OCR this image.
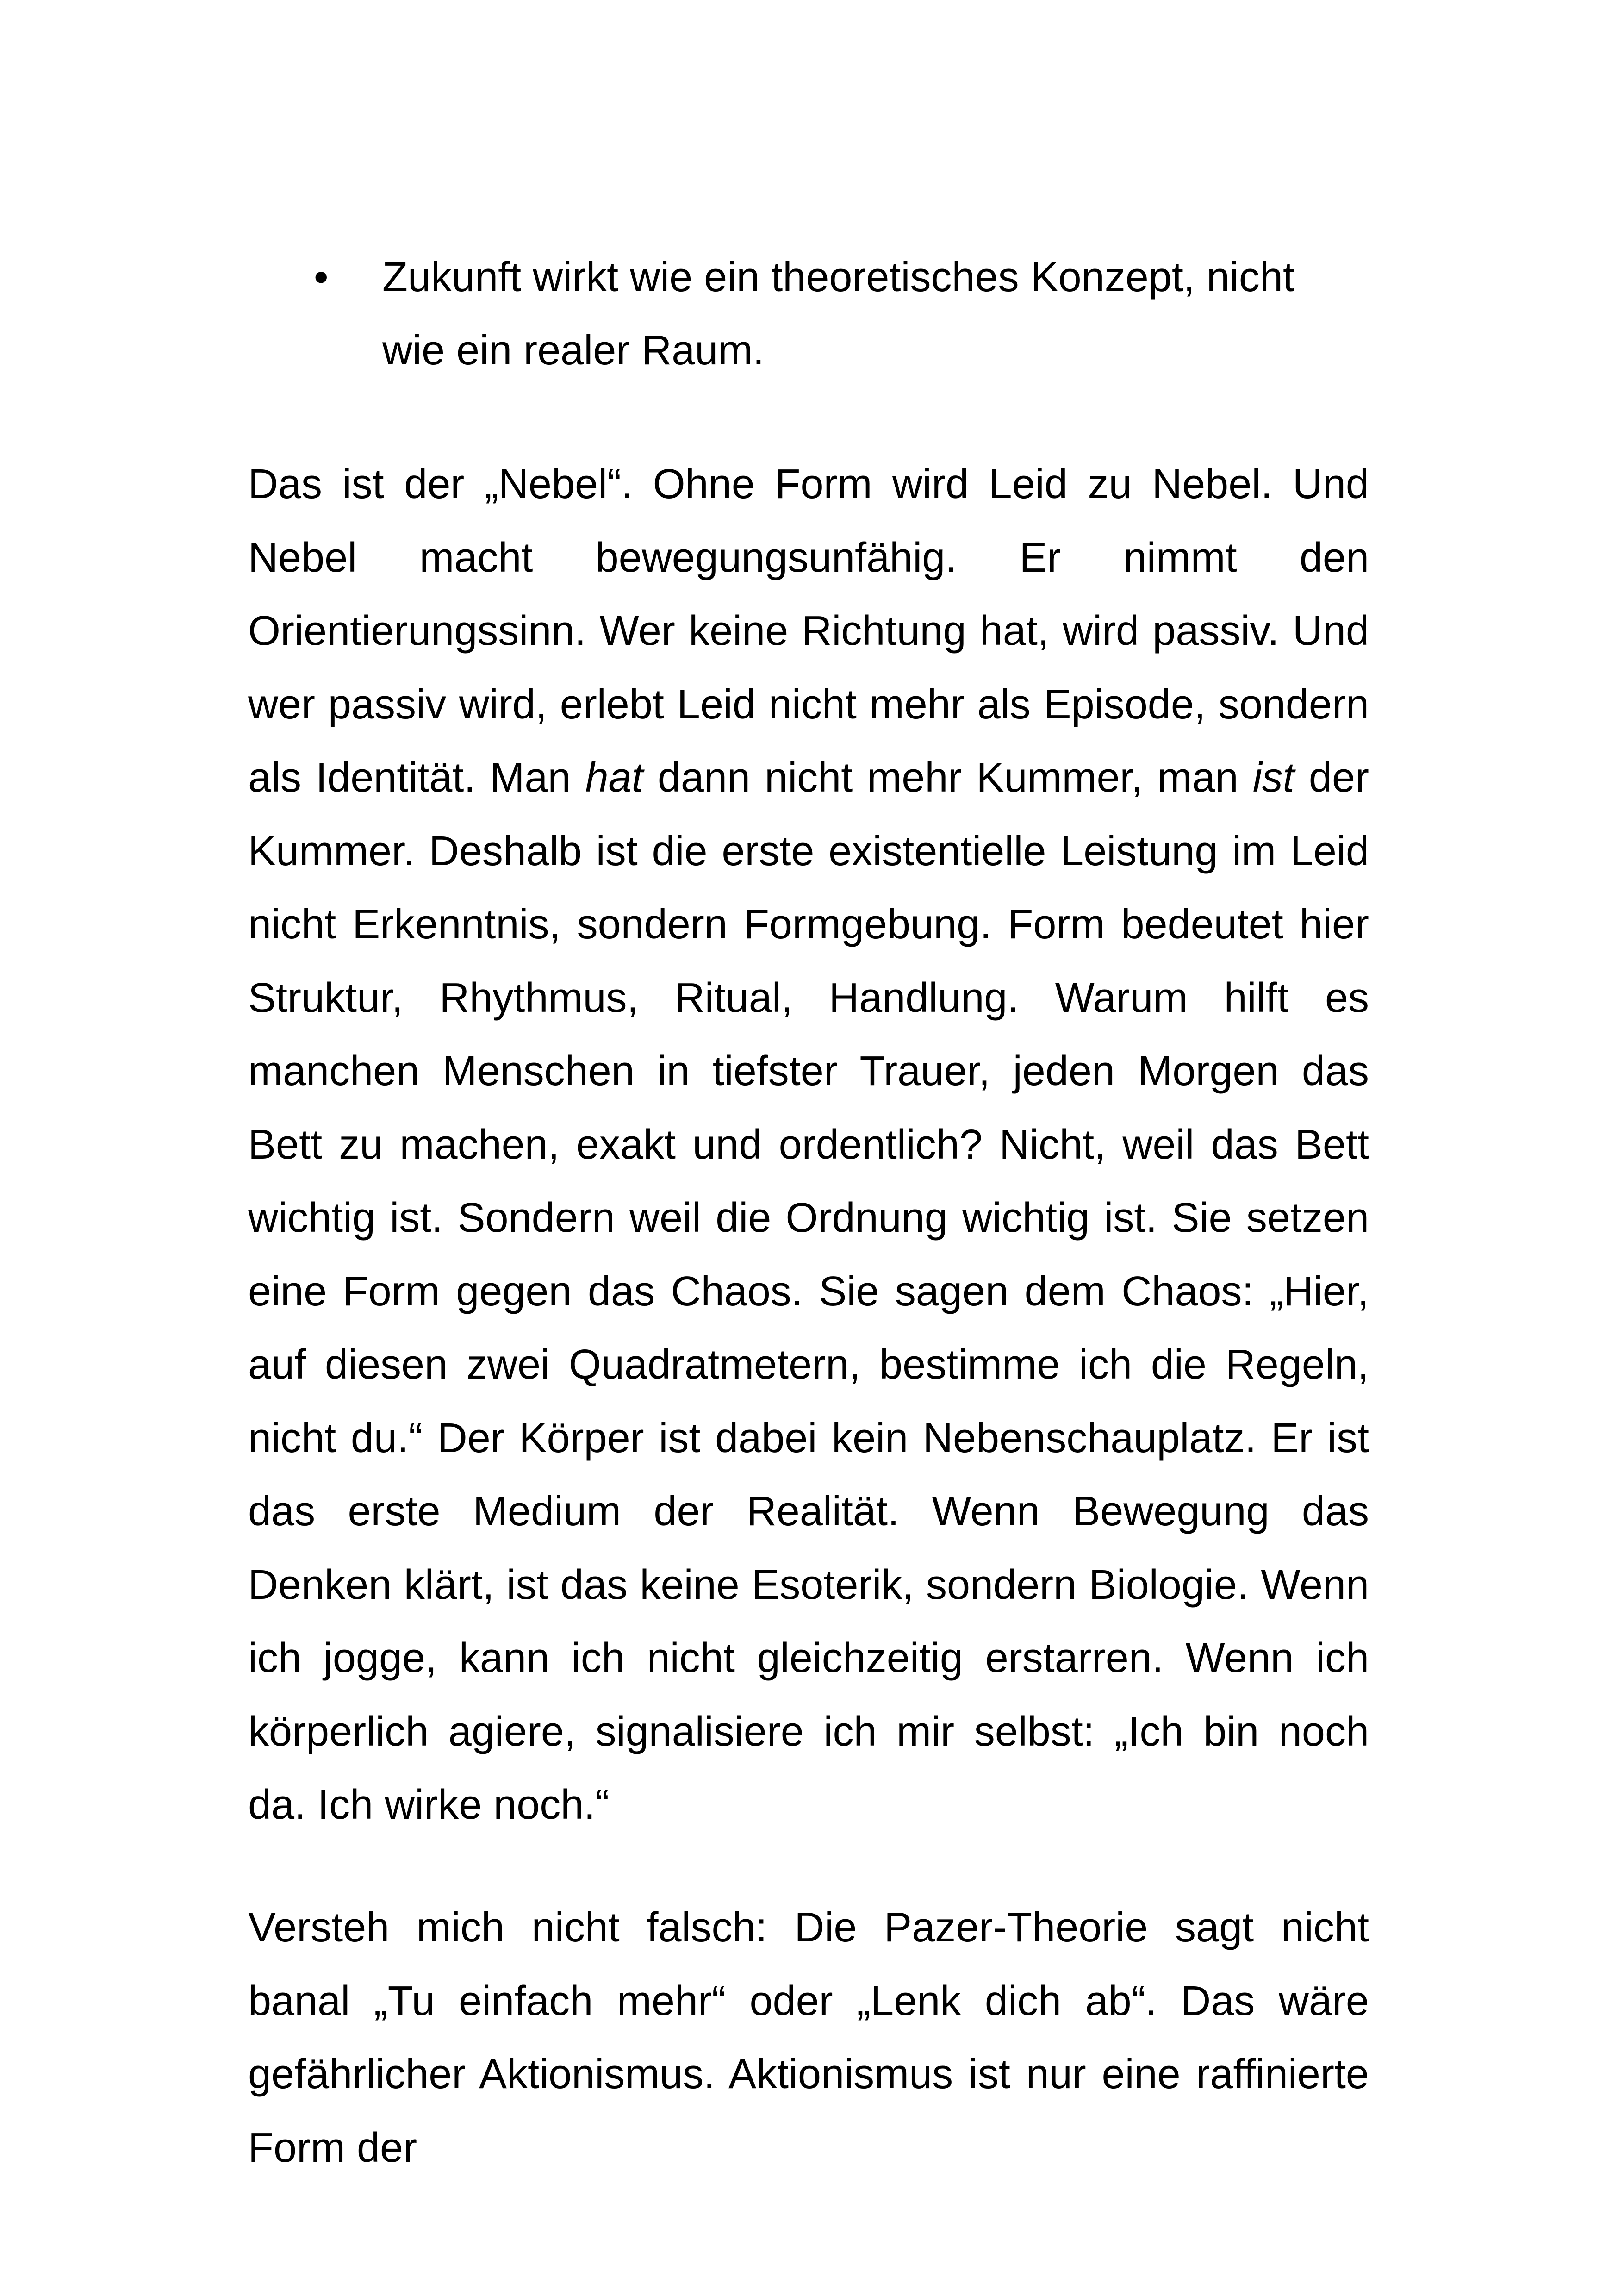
•	Zukunft wirkt wie ein theoretisches Konzept, nicht wie ein realer Raum.

Das ist der „Nebel“. Ohne Form wird Leid zu Nebel. Und Nebel macht bewegungsunfähig. Er nimmt den Orientierungssinn. Wer keine Richtung hat, wird passiv. Und wer passiv wird, erlebt Leid nicht mehr als Episode, sondern als Identität. Man hat dann nicht mehr Kummer, man ist der Kummer. Deshalb ist die erste existentielle Leistung im Leid nicht Erkenntnis, sondern Formgebung. Form bedeutet hier Struktur, Rhythmus, Ritual, Handlung. Warum hilft es manchen Menschen in tiefster Trauer, jeden Morgen das Bett zu machen, exakt und ordentlich? Nicht, weil das Bett wichtig ist. Sondern weil die Ordnung wichtig ist. Sie setzen eine Form gegen das Chaos. Sie sagen dem Chaos: „Hier, auf diesen zwei Quadratmetern, bestimme ich die Regeln, nicht du.“ Der Körper ist dabei kein Nebenschauplatz. Er ist das erste Medium der Realität. Wenn Bewegung das Denken klärt, ist das keine Esoterik, sondern Biologie. Wenn ich jogge, kann ich nicht gleichzeitig erstarren. Wenn ich körperlich agiere, signalisiere ich mir selbst: „Ich bin noch da. Ich wirke noch.“

Versteh mich nicht falsch: Die Pazer-Theorie sagt nicht banal „Tu einfach mehr“ oder „Lenk dich ab“. Das wäre gefährlicher Aktionismus. Aktionismus ist nur eine raffinierte Form der
